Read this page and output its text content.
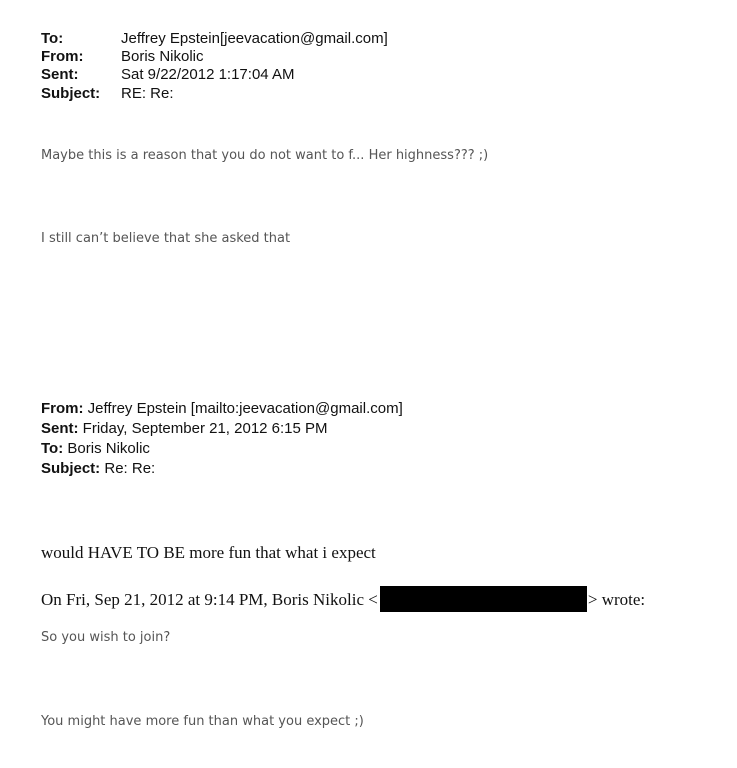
To:	Jeffrey Epstein[jeevacation@gmail.com]
From:	Boris Nikolic
Sent:	Sat 9/22/2012 1:17:04 AM
Subject: RE: Re:
Maybe this is a reason that you do not want to f... Her highness??? ;)
I still can’t believe that she asked that
From: Jeffrey Epstein [mailto:jeevacation@gmail.com]
Sent: Friday, September 21, 2012 6:15 PM
To: Boris Nikolic
Subject: Re: Re:
would HAVE TO BE more fun that what i expect
On Fri, Sep 21, 2012 at 9:14 PM, Boris Nikolic <	> wrote:
So you wish to join?
You might have more fun than what you expect ;)
